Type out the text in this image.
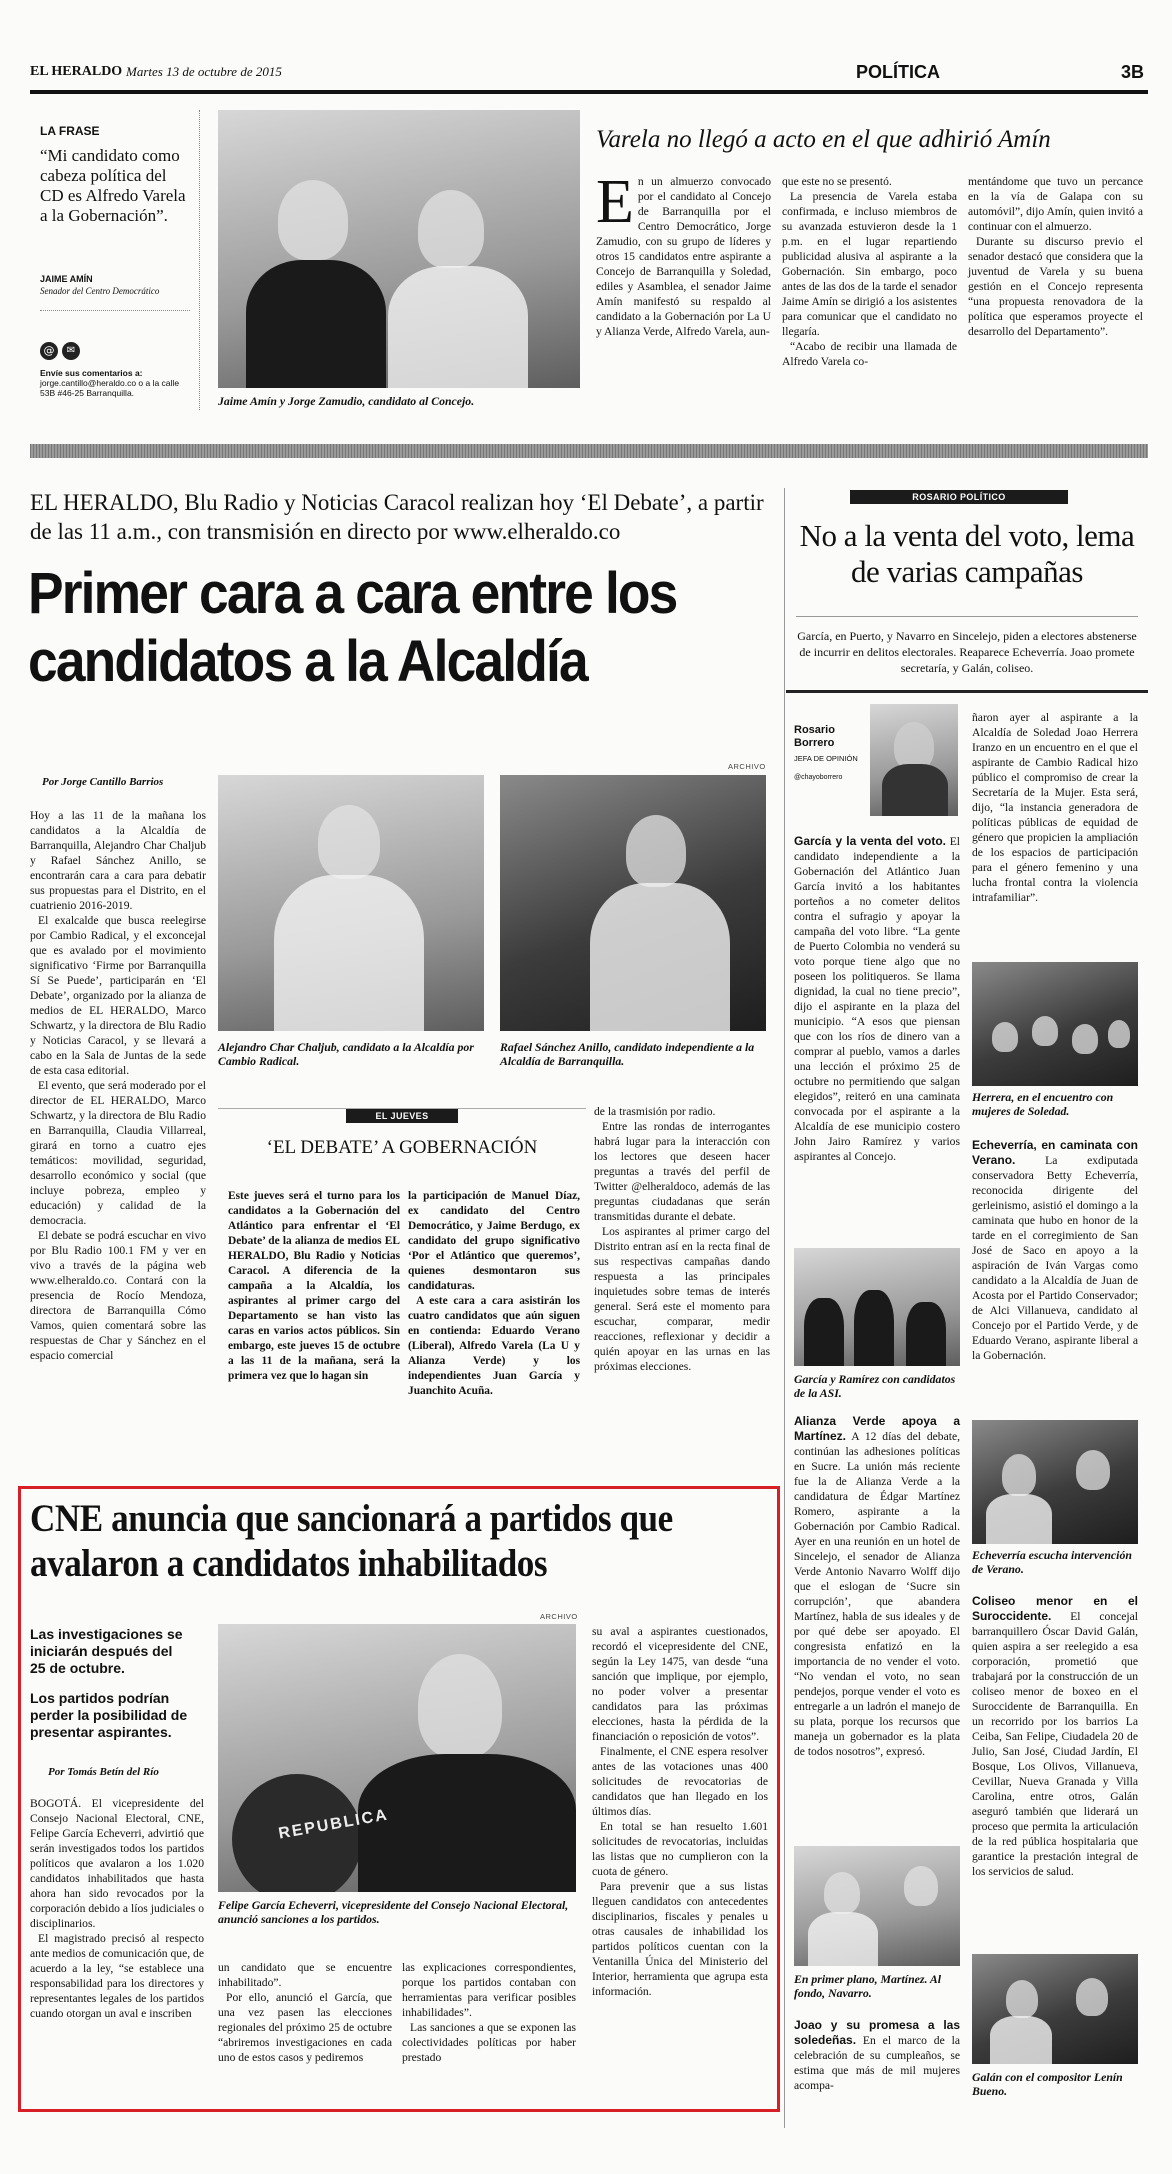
EL HERALDO Martes 13 de octubre de 2015	POLÍTICA	3B
LA FRASE
“Mi candidato como cabeza política del CD es Alfredo Varela a la Gobernación”.
JAIME AMÍN
Senador del Centro Democrático
@	✉
Envíe sus comentarios a:
jorge.cantillo@heraldo.co o a la calle 53B #46-25 Barranquilla.
Jaime Amín y Jorge Zamudio, candidato al Concejo.
Varela no llegó a acto en el que adhirió Amín
E n un almuerzo convocado por el candidato al Concejo de Barranquilla por el Centro Democrático, Jorge Zamudio, con su grupo de líderes y otros 15 candidatos entre aspirante a Concejo de Barranquilla y Soledad, ediles y Asamblea, el senador Jaime Amín manifestó su respaldo al candidato a la Gobernación por La U y Alianza Verde, Alfredo Varela, aun-

que este no se presentó.

La presencia de Varela estaba confirmada, e incluso miembros de su avanzada estuvieron desde la 1 p.m. en el lugar repartiendo publicidad alusiva al aspirante a la Gobernación. Sin embargo, poco antes de las dos de la tarde el senador Jaime Amín se dirigió a los asistentes para comunicar que el candidato no llegaría.

“Acabo de recibir una llamada de Alfredo Varela co-

mentándome que tuvo un percance en la vía de Galapa con su automóvil”, dijo Amín, quien invitó a continuar con el almuerzo.

Durante su discurso previo el senador destacó que considera que la juventud de Varela y su buena gestión en el Concejo representa “una propuesta renovadora de la política que esperamos proyecte el desarrollo del Departamento”.

EL HERALDO, Blu Radio y Noticias Caracol realizan hoy ‘El Debate’, a partir de las 11 a.m., con transmisión en directo por www.elheraldo.co
Primer cara a cara entre los candidatos a la Alcaldía
Por Jorge Cantillo Barrios
ARCHIVO
Alejandro Char Chaljub, candidato a la Alcaldía por Cambio Radical.
Rafael Sánchez Anillo, candidato independiente a la Alcaldía de Barranquilla.

Hoy a las 11 de la mañana los candidatos a la Alcaldía de Barranquilla, Alejandro Char Chaljub y Rafael Sánchez Anillo, se encontrarán cara a cara para debatir sus propuestas para el Distrito, en el cuatrienio 2016-2019.

El exalcalde que busca reelegirse por Cambio Radical, y el exconcejal que es avalado por el movimiento significativo ‘Firme por Barranquilla Sí Se Puede’, participarán en ‘El Debate’, organizado por la alianza de medios de EL HERALDO, Marco Schwartz, y la directora de Blu Radio y Noticias Caracol, y se llevará a cabo en la Sala de Juntas de la sede de esta casa editorial.

El evento, que será moderado por el director de EL HERALDO, Marco Schwartz, y la directora de Blu Radio en Barranquilla, Claudia Villarreal, girará en torno a cuatro ejes temáticos: movilidad, seguridad, desarrollo económico y social (que incluye pobreza, empleo y educación) y calidad de la democracia.

El debate se podrá escuchar en vivo por Blu Radio 100.1 FM y ver en vivo a través de la página web www.elheraldo.co. Contará con la presencia de Rocío Mendoza, directora de Barranquilla Cómo Vamos, quien comentará sobre las respuestas de Char y Sánchez en el espacio comercial

EL JUEVES
‘EL DEBATE’ A GOBERNACIÓN

Este jueves será el turno para los candidatos a la Gobernación del Atlántico para enfrentar el ‘El Debate’ de la alianza de medios EL HERALDO, Blu Radio y Noticias Caracol. A diferencia de la campaña a la Alcaldía, los aspirantes al primer cargo del Departamento se han visto las caras en varios actos públicos. Sin embargo, este jueves 15 de octubre a las 11 de la mañana, será la primera vez que lo hagan sin

la participación de Manuel Díaz, ex candidato del Centro Democrático, y Jaime Berdugo, ex candidato del grupo significativo ‘Por el Atlántico que queremos’, quienes desmontaron sus candidaturas.

A este cara a cara asistirán los cuatro candidatos que aún siguen en contienda: Eduardo Verano (Liberal), Alfredo Varela (La U y Alianza Verde) y los independientes Juan García y Juanchito Acuña.

de la trasmisión por radio.

Entre las rondas de interrogantes habrá lugar para la interacción con los lectores que deseen hacer preguntas a través del perfil de Twitter @elheraldoco, además de las preguntas ciudadanas que serán transmitidas durante el debate.

Los aspirantes al primer cargo del Distrito entran así en la recta final de sus respectivas campañas dando respuesta a las principales inquietudes sobre temas de interés general. Será este el momento para escuchar, comparar, medir reacciones, reflexionar y decidir a quién apoyar en las urnas en las próximas elecciones.

CNE anuncia que sancionará a partidos que avalaron a candidatos inhabilitados
Las investigaciones se iniciarán después del 25 de octubre.
Los partidos podrían perder la posibilidad de presentar aspirantes.
Por Tomás Betín del Río
ARCHIVO
REPUBLICA
Felipe García Echeverri, vicepresidente del Consejo Nacional Electoral, anunció sanciones a los partidos.

BOGOTÁ. El vicepresidente del Consejo Nacional Electoral, CNE, Felipe García Echeverri, advirtió que serán investigados todos los partidos políticos que avalaron a los 1.020 candidatos inhabilitados que hasta ahora han sido revocados por la corporación debido a líos judiciales o disciplinarios.

El magistrado precisó al respecto ante medios de comunicación que, de acuerdo a la ley, “se establece una responsabilidad para los directores y representantes legales de los partidos cuando otorgan un aval e inscriben

un candidato que se encuentre inhabilitado”.

Por ello, anunció el García, que una vez pasen las elecciones regionales del próximo 25 de octubre “abriremos investigaciones en cada uno de estos casos y pediremos

las explicaciones correspondientes, porque los partidos contaban con herramientas para verificar posibles inhabilidades”.

Las sanciones a que se exponen las colectividades políticas por haber prestado

su aval a aspirantes cuestionados, recordó el vicepresidente del CNE, según la Ley 1475, van desde “una sanción que implique, por ejemplo, no poder volver a presentar candidatos para las próximas elecciones, hasta la pérdida de la financiación o reposición de votos”.

Finalmente, el CNE espera resolver antes de las votaciones unas 400 solicitudes de revocatorias de candidatos que han llegado en los últimos días.

En total se han resuelto 1.601 solicitudes de revocatorias, incluidas las listas que no cumplieron con la cuota de género.

Para prevenir que a sus listas lleguen candidatos con antecedentes disciplinarios, fiscales y penales u otras causales de inhabilidad los partidos políticos cuentan con la Ventanilla Única del Ministerio del Interior, herramienta que agrupa esta información.

ROSARIO POLÍTICO
No a la venta del voto, lema de varias campañas
García, en Puerto, y Navarro en Sincelejo, piden a electores abstenerse de incurrir en delitos electorales. Reaparece Echeverría. Joao promete secretaría, y Galán, coliseo.
Rosario
Borrero
JEFA DE OPINIÓN
@chayoborrero

García y la venta del voto. El candidato independiente a la Gobernación del Atlántico Juan García invitó a los habitantes porteños a no cometer delitos contra el sufragio y apoyar la campaña del voto libre. “La gente de Puerto Colombia no venderá su voto porque tiene algo que no poseen los politiqueros. Se llama dignidad, la cual no tiene precio”, dijo el aspirante en la plaza del municipio. “A esos que piensan que con los ríos de dinero van a comprar al pueblo, vamos a darles una lección el próximo 25 de octubre no permitiendo que salgan elegidos”, reiteró en una caminata convocada por el aspirante a la Alcaldía de ese municipio costero John Jairo Ramírez y varios aspirantes al Concejo.

García y Ramírez con candidatos de la ASI.

Alianza Verde apoya a Martínez. A 12 días del debate, continúan las adhesiones políticas en Sucre. La unión más reciente fue la de Alianza Verde a la candidatura de Édgar Martínez Romero, aspirante a la Gobernación por Cambio Radical. Ayer en una reunión en un hotel de Sincelejo, el senador de Alianza Verde Antonio Navarro Wolff dijo que el eslogan de ‘Sucre sin corrupción’, que abandera Martínez, habla de sus ideales y de por qué debe ser apoyado. El congresista enfatizó en la importancia de no vender el voto. “No vendan el voto, no sean pendejos, porque vender el voto es entregarle a un ladrón el manejo de su plata, porque los recursos que maneja un gobernador es la plata de todos nosotros”, expresó.

En primer plano, Martínez. Al fondo, Navarro.

Joao y su promesa a las soledeñas. En el marco de la celebración de su cumpleaños, se estima que más de mil mujeres acompa-

ñaron ayer al aspirante a la Alcaldía de Soledad Joao Herrera Iranzo en un encuentro en el que el aspirante de Cambio Radical hizo público el compromiso de crear la Secretaría de la Mujer. Esta será, dijo, “la instancia generadora de políticas públicas de equidad de género que propicien la ampliación de los espacios de participación para el género femenino y una lucha frontal contra la violencia intrafamiliar”.

Herrera, en el encuentro con mujeres de Soledad.

Echeverría, en caminata con Verano.	La exdiputada conservadora Betty Echeverría, reconocida dirigente del gerleinismo, asistió el domingo a la caminata que hubo en honor de la tarde en el corregimiento de San José de Saco en apoyo a la aspiración de Iván Vargas como candidato a la Alcaldía de Juan de Acosta por el Partido Conservador; de Alci Villanueva, candidato al Concejo por el Partido Verde, y de Eduardo Verano, aspirante liberal a la Gobernación.

Echeverría escucha intervención de Verano.

Coliseo menor en el Suroccidente. El concejal barranquillero Óscar David Galán, quien aspira a ser reelegido a esa corporación, prometió que trabajará por la construcción de un coliseo menor de boxeo en el Suroccidente de Barranquilla. En un recorrido por los barrios La Ceiba, San Felipe, Ciudadela 20 de Julio, San José, Ciudad Jardín, El Bosque, Los Olivos, Villanueva, Cevillar, Nueva Granada y Villa Carolina, entre otros, Galán aseguró también que liderará un proceso que permita la articulación de la red pública hospitalaria que garantice la prestación integral de los servicios de salud.

Galán con el compositor Lenín Bueno.
